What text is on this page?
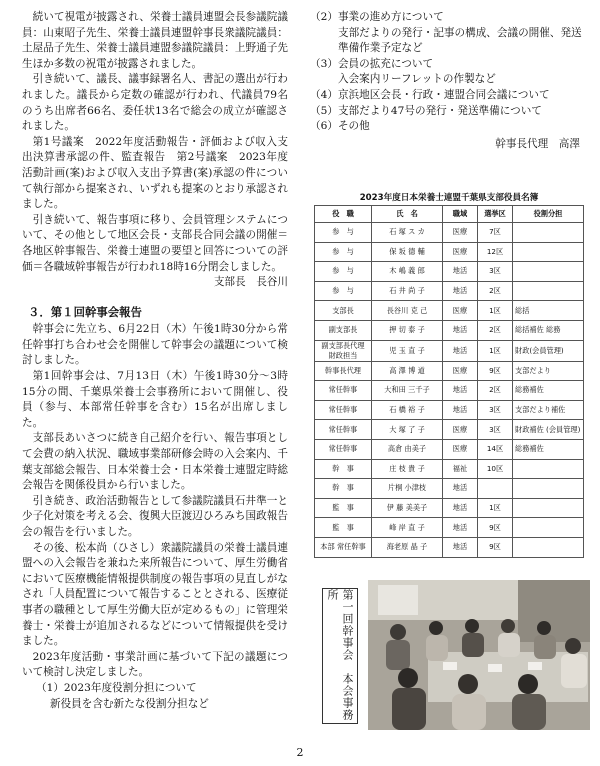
続いて視電が披露され、栄養士議員連盟会長参議院議員：山東昭子先生、栄養士議員連盟幹事長衆議院議員：土屋品子先生、栄養士議員連盟参議院議員：上野通子先生ほか多数の祝電が披露されました。

引き続いて、議長、議事録署名人、書記の選出が行われました。議長から定数の確認が行われ、代議員79名のうち出席者66名、委任状13名で総会の成立が確認されました。

第1号議案　2022年度活動報告・評価および収入支出決算書承認の件、監査報告　第2号議案　2023年度活動計画(案)および収入支出予算書(案)承認の件について執行部から提案され、いずれも提案のとおり承認されました。

引き続いて、報告事項に移り、会員管理システムについて、その他として地区会長・支部長合同会議の開催＝各地区幹事報告、栄養士連盟の要望と回答についての評価＝各職域幹事報告が行われ18時16分閉会しました。

支部長　長谷川

３．第１回幹事会報告

幹事会に先立ち、6月22日（木）午後1時30分から常任幹事打ち合わせ会を開催して幹事会の議題について検討しました。

第1回幹事会は、7月13日（木）午後1時30分〜3時15分の間、千葉県栄養士会事務所において開催し、役員（参与、本部常任幹事を含む）15名が出席しました。

支部長あいさつに続き自己紹介を行い、報告事項として会費の納入状況、職域事業部研修会時の入会案内、千葉支部総会報告、日本栄養士会・日本栄養士連盟定時総会報告を関係役員から行いました。

引き続き、政治活動報告として参議院議員石井準一と少子化対策を考える会、復興大臣渡辺ひろみち国政報告会の報告を行いました。

その後、松本尚（ひさし）衆議院議員の栄養士議員連盟への入会報告を兼ねた来所報告について、厚生労働省において医療機能情報提供制度の報告事項の見直しがなされ「人員配置について報告することとされる、医療従事者の職種として厚生労働大臣が定めるもの」に管理栄養士・栄養士が追加されるなどについて情報提供を受けました。

2023年度活動・事業計画に基づいて下記の議題について検討し決定しました。

（1）2023年度役割分担について

新役員を含む新たな役割分担など

（2）事業の進め方について

支部だよりの発行・記事の構成、会議の開催、発送準備作業予定など

（3）会員の拡充について

入会案内リーフレットの作製など

（4）京浜地区会長・行政・連盟合同会議について
（5）支部だより47号の発行・発送準備について
（6）その他

幹事長代理　高澤

2023年度日本栄養士連盟千葉県支部役員名簿				
役　職	氏　名	職域	選挙区	役割分担
参　与	石 塚 ス カ	医療	7区	
参　与	保 坂 德 輔	医療	12区	
参　与	木 嶋 義 郎	地活	3区	
参　与	石 井 尚 子	地活	2区	
支部長	長谷川 克 己	医療	1区	総括
副支部長	押 切 泰 子	地活	2区	総括補佐 総務
副支部長代理 財政担当	児 玉 直 子	地活	1区	財政(会員管理)
幹事長代理	高 澤 博 道	医療	9区	支部だより
常任幹事	大和田 三千子	地活	2区	総務補佐
常任幹事	石 橋 裕 子	地活	3区	支部だより補佐
常任幹事	大 塚 了 子	医療	3区	財政補佐 (会員管理)
常任幹事	高倉 由美子	医療	14区	総務補佐
幹　事	庄 枝 貴 子	福祉	10区	
幹　事	片桐 小津枝	地活		
監　事	伊 藤 美美子	地活	1区	
監　事	峰 岸 直 子	地活	9区	
本部 常任幹事	海老原 晶 子	地活	9区	
第一回幹事会　本会事務所
2
